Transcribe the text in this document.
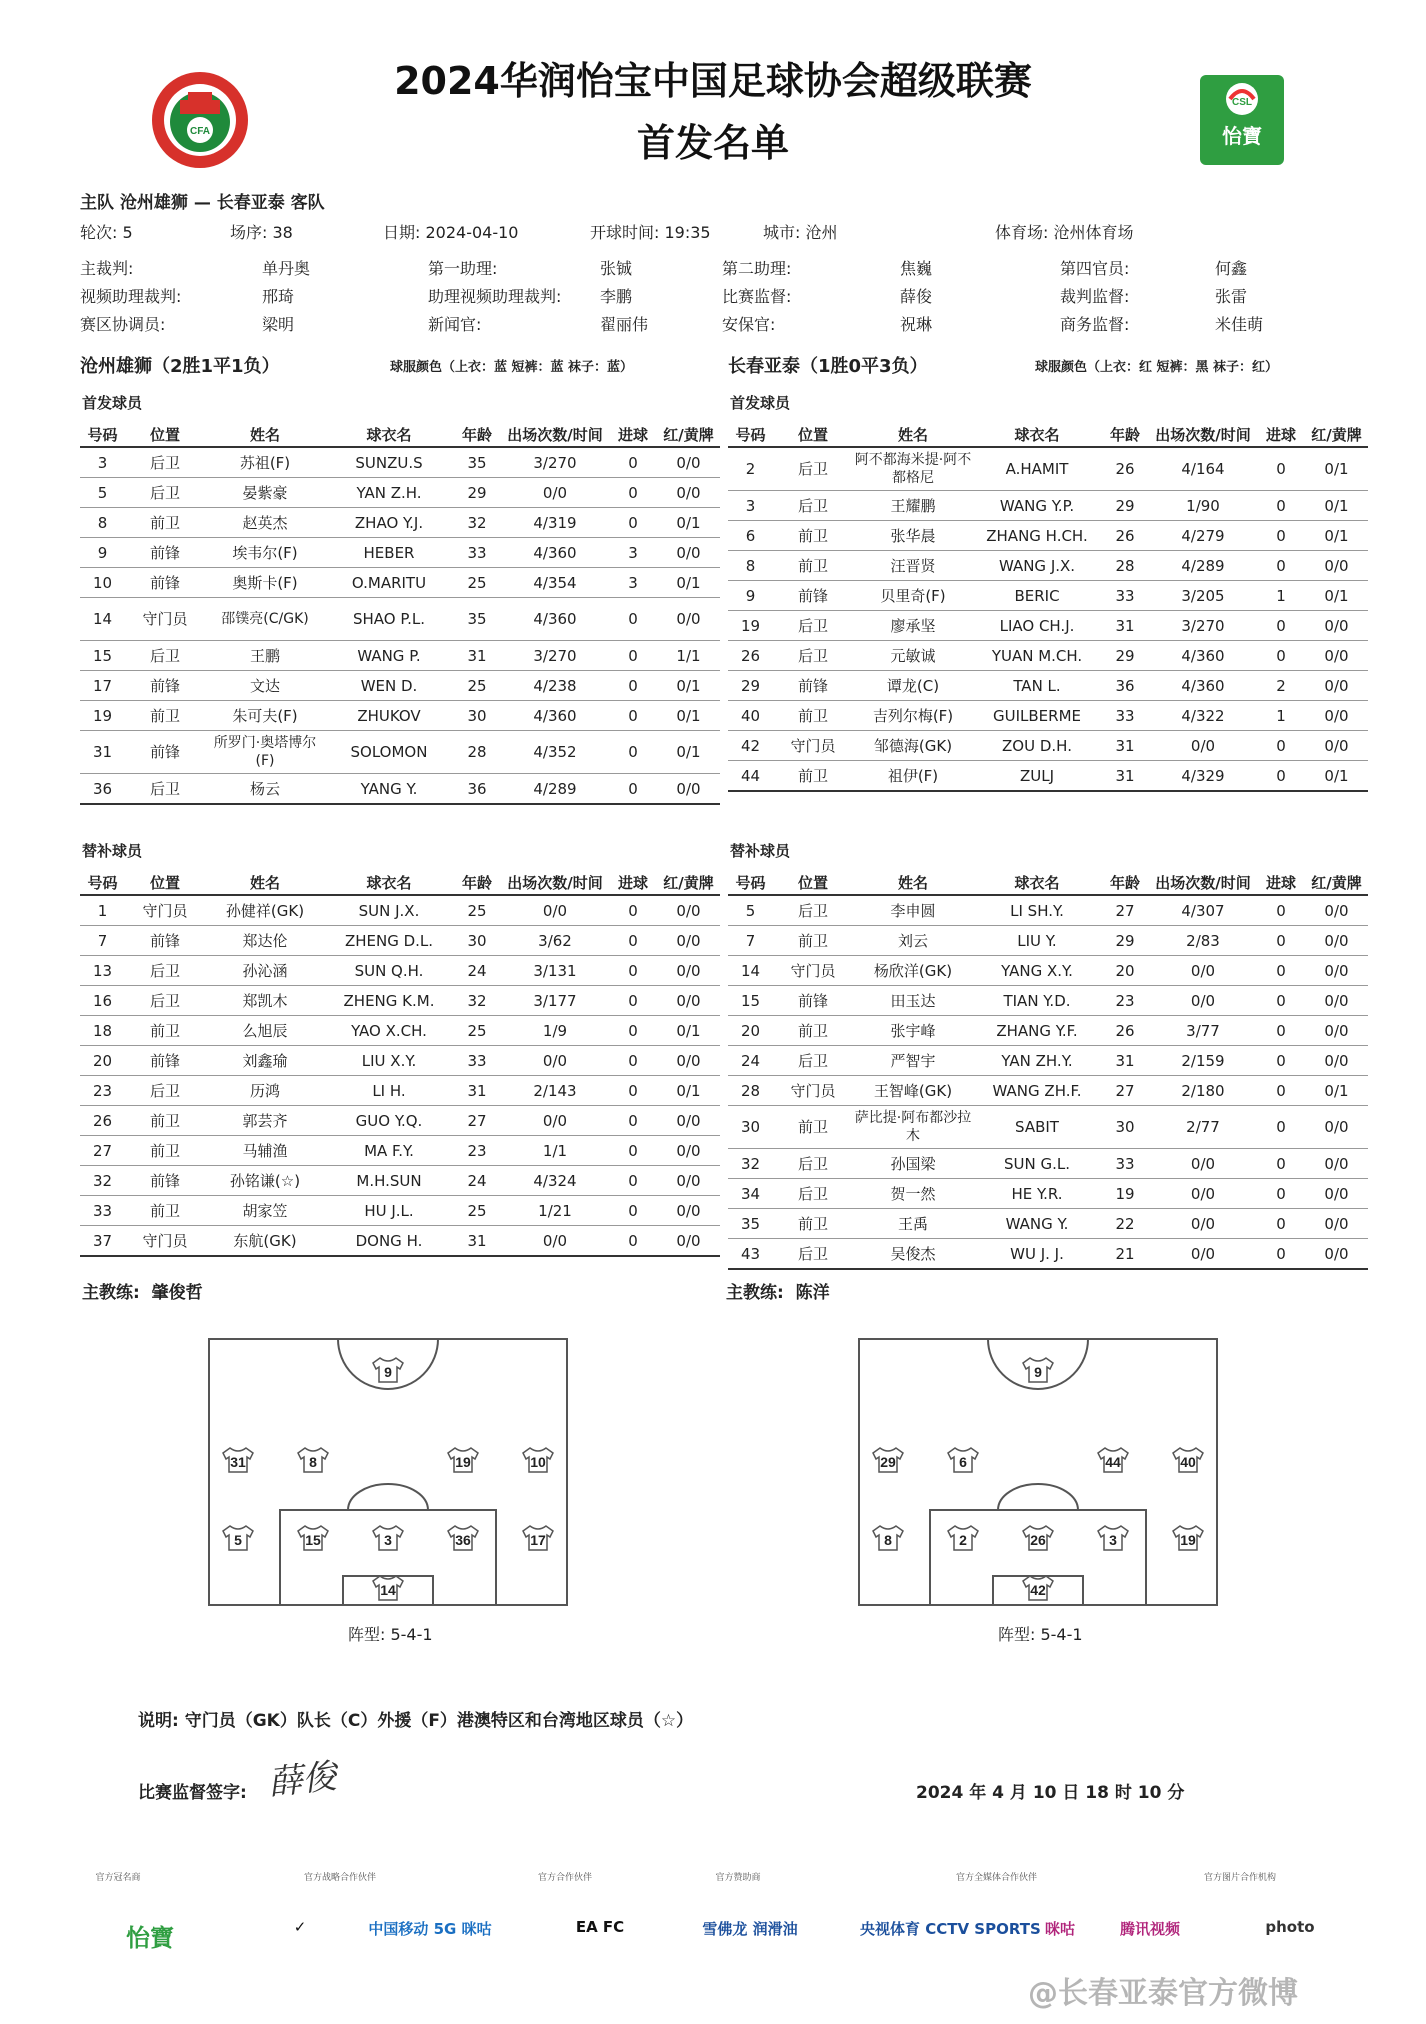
CFA
2024华润怡宝中国足球协会超级联赛
首发名单
CSL
怡寶
主队 沧州雄狮 — 长春亚泰 客队
轮次: 5	场序: 38	日期: 2024-04-10	开球时间: 19:35	城市: 沧州	体育场: 沧州体育场
主裁判:	单丹奥	第一助理:	张铖	第二助理:	焦巍	第四官员:	何鑫
视频助理裁判:	邢琦	助理视频助理裁判: 李鹏	比赛监督:	薛俊	裁判监督:	张雷
赛区协调员:	梁明	新闻官:	翟丽伟	安保官:	祝琳	商务监督:	米佳萌
沧州雄狮（2胜1平1负）	球服颜色（上衣：蓝 短裤：蓝 袜子：蓝）	长春亚泰（1胜0平3负）	球服颜色（上衣：红 短裤：黑 袜子：红）
首发球员	首发球员
号码	位置	姓名	球衣名	年龄	出场次数/时间	进球	红/黄牌
3	后卫	苏祖(F)	SUNZU.S	35	3/270	0	0/0
5	后卫	晏紫豪	YAN Z.H.	29	0/0	0	0/0
8	前卫	赵英杰	ZHAO Y.J.	32	4/319	0	0/1
9	前锋	埃韦尔(F)	HEBER	33	4/360	3	0/0
10	前锋	奥斯卡(F)	O.MARITU	25	4/354	3	0/1
14	守门员	邵镤亮(C/GK)	SHAO P.L.	35	4/360	0	0/0
15	后卫	王鹏	WANG P.	31	3/270	0	1/1
17	前锋	文达	WEN D.	25	4/238	0	0/1
19	前卫	朱可夫(F)	ZHUKOV	30	4/360	0	0/1
31	前锋	所罗门·奥塔博尔(F)	SOLOMON	28	4/352	0	0/1
36	后卫	杨云	YANG Y.	36	4/289	0	0/0
号码	位置	姓名	球衣名	年龄	出场次数/时间	进球	红/黄牌
2	后卫	阿不都海米提·阿不都格尼	A.HAMIT	26	4/164	0	0/1
3	后卫	王耀鹏	WANG Y.P.	29	1/90	0	0/1
6	前卫	张华晨	ZHANG H.CH.	26	4/279	0	0/1
8	前卫	汪晋贤	WANG J.X.	28	4/289	0	0/0
9	前锋	贝里奇(F)	BERIC	33	3/205	1	0/1
19	后卫	廖承坚	LIAO CH.J.	31	3/270	0	0/0
26	后卫	元敏诚	YUAN M.CH.	29	4/360	0	0/0
29	前锋	谭龙(C)	TAN L.	36	4/360	2	0/0
40	前卫	吉列尔梅(F)	GUILBERME	33	4/322	1	0/0
42	守门员	邹德海(GK)	ZOU D.H.	31	0/0	0	0/0
44	前卫	祖伊(F)	ZULJ	31	4/329	0	0/1
替补球员	替补球员
号码	位置	姓名	球衣名	年龄	出场次数/时间	进球	红/黄牌
1	守门员	孙健祥(GK)	SUN J.X.	25	0/0	0	0/0
7	前锋	郑达伦	ZHENG D.L.	30	3/62	0	0/0
13	后卫	孙沁涵	SUN Q.H.	24	3/131	0	0/0
16	后卫	郑凯木	ZHENG K.M.	32	3/177	0	0/0
18	前卫	么旭辰	YAO X.CH.	25	1/9	0	0/1
20	前锋	刘鑫瑜	LIU X.Y.	33	0/0	0	0/0
23	后卫	历鸿	LI H.	31	2/143	0	0/1
26	前卫	郭芸齐	GUO Y.Q.	27	0/0	0	0/0
27	前卫	马辅渔	MA F.Y.	23	1/1	0	0/0
32	前锋	孙铭谦(☆)	M.H.SUN	24	4/324	0	0/0
33	前卫	胡家笠	HU J.L.	25	1/21	0	0/0
37	守门员	东航(GK)	DONG H.	31	0/0	0	0/0
号码	位置	姓名	球衣名	年龄	出场次数/时间	进球	红/黄牌
5	后卫	李申圆	LI SH.Y.	27	4/307	0	0/0
7	前卫	刘云	LIU Y.	29	2/83	0	0/0
14	守门员	杨欣洋(GK)	YANG X.Y.	20	0/0	0	0/0
15	前锋	田玉达	TIAN Y.D.	23	0/0	0	0/0
20	前卫	张宇峰	ZHANG Y.F.	26	3/77	0	0/0
24	后卫	严智宇	YAN ZH.Y.	31	2/159	0	0/0
28	守门员	王智峰(GK)	WANG ZH.F.	27	2/180	0	0/1
30	前卫	萨比提·阿布都沙拉木	SABIT	30	2/77	0	0/0
32	后卫	孙国梁	SUN G.L.	33	0/0	0	0/0
34	后卫	贺一然	HE Y.R.	19	0/0	0	0/0
35	前卫	王禹	WANG Y.	22	0/0	0	0/0
43	后卫	吴俊杰	WU J. J.	21	0/0	0	0/0
主教练: 肇俊哲	主教练: 陈洋
9
31	8	19	10
5	15	3	36	17
14
9
29	6	44	40
8	2	26	3	19
42
阵型: 5-4-1	阵型: 5-4-1
说明: 守门员（GK）队长（C）外援（F）港澳特区和台湾地区球员（☆）
比赛监督签字: 薛俊	2024 年 4 月 10 日 18 时 10 分
官方冠名商	官方战略合作伙伴	官方合作伙伴	官方赞助商	官方全媒体合作伙伴	官方图片合作机构
怡寶	✓	中国移动 5G 咪咕	EA FC	雪佛龙 润滑油	央视体育 CCTV SPORTS 咪咕	腾讯视频	photo
@长春亚泰官方微博
